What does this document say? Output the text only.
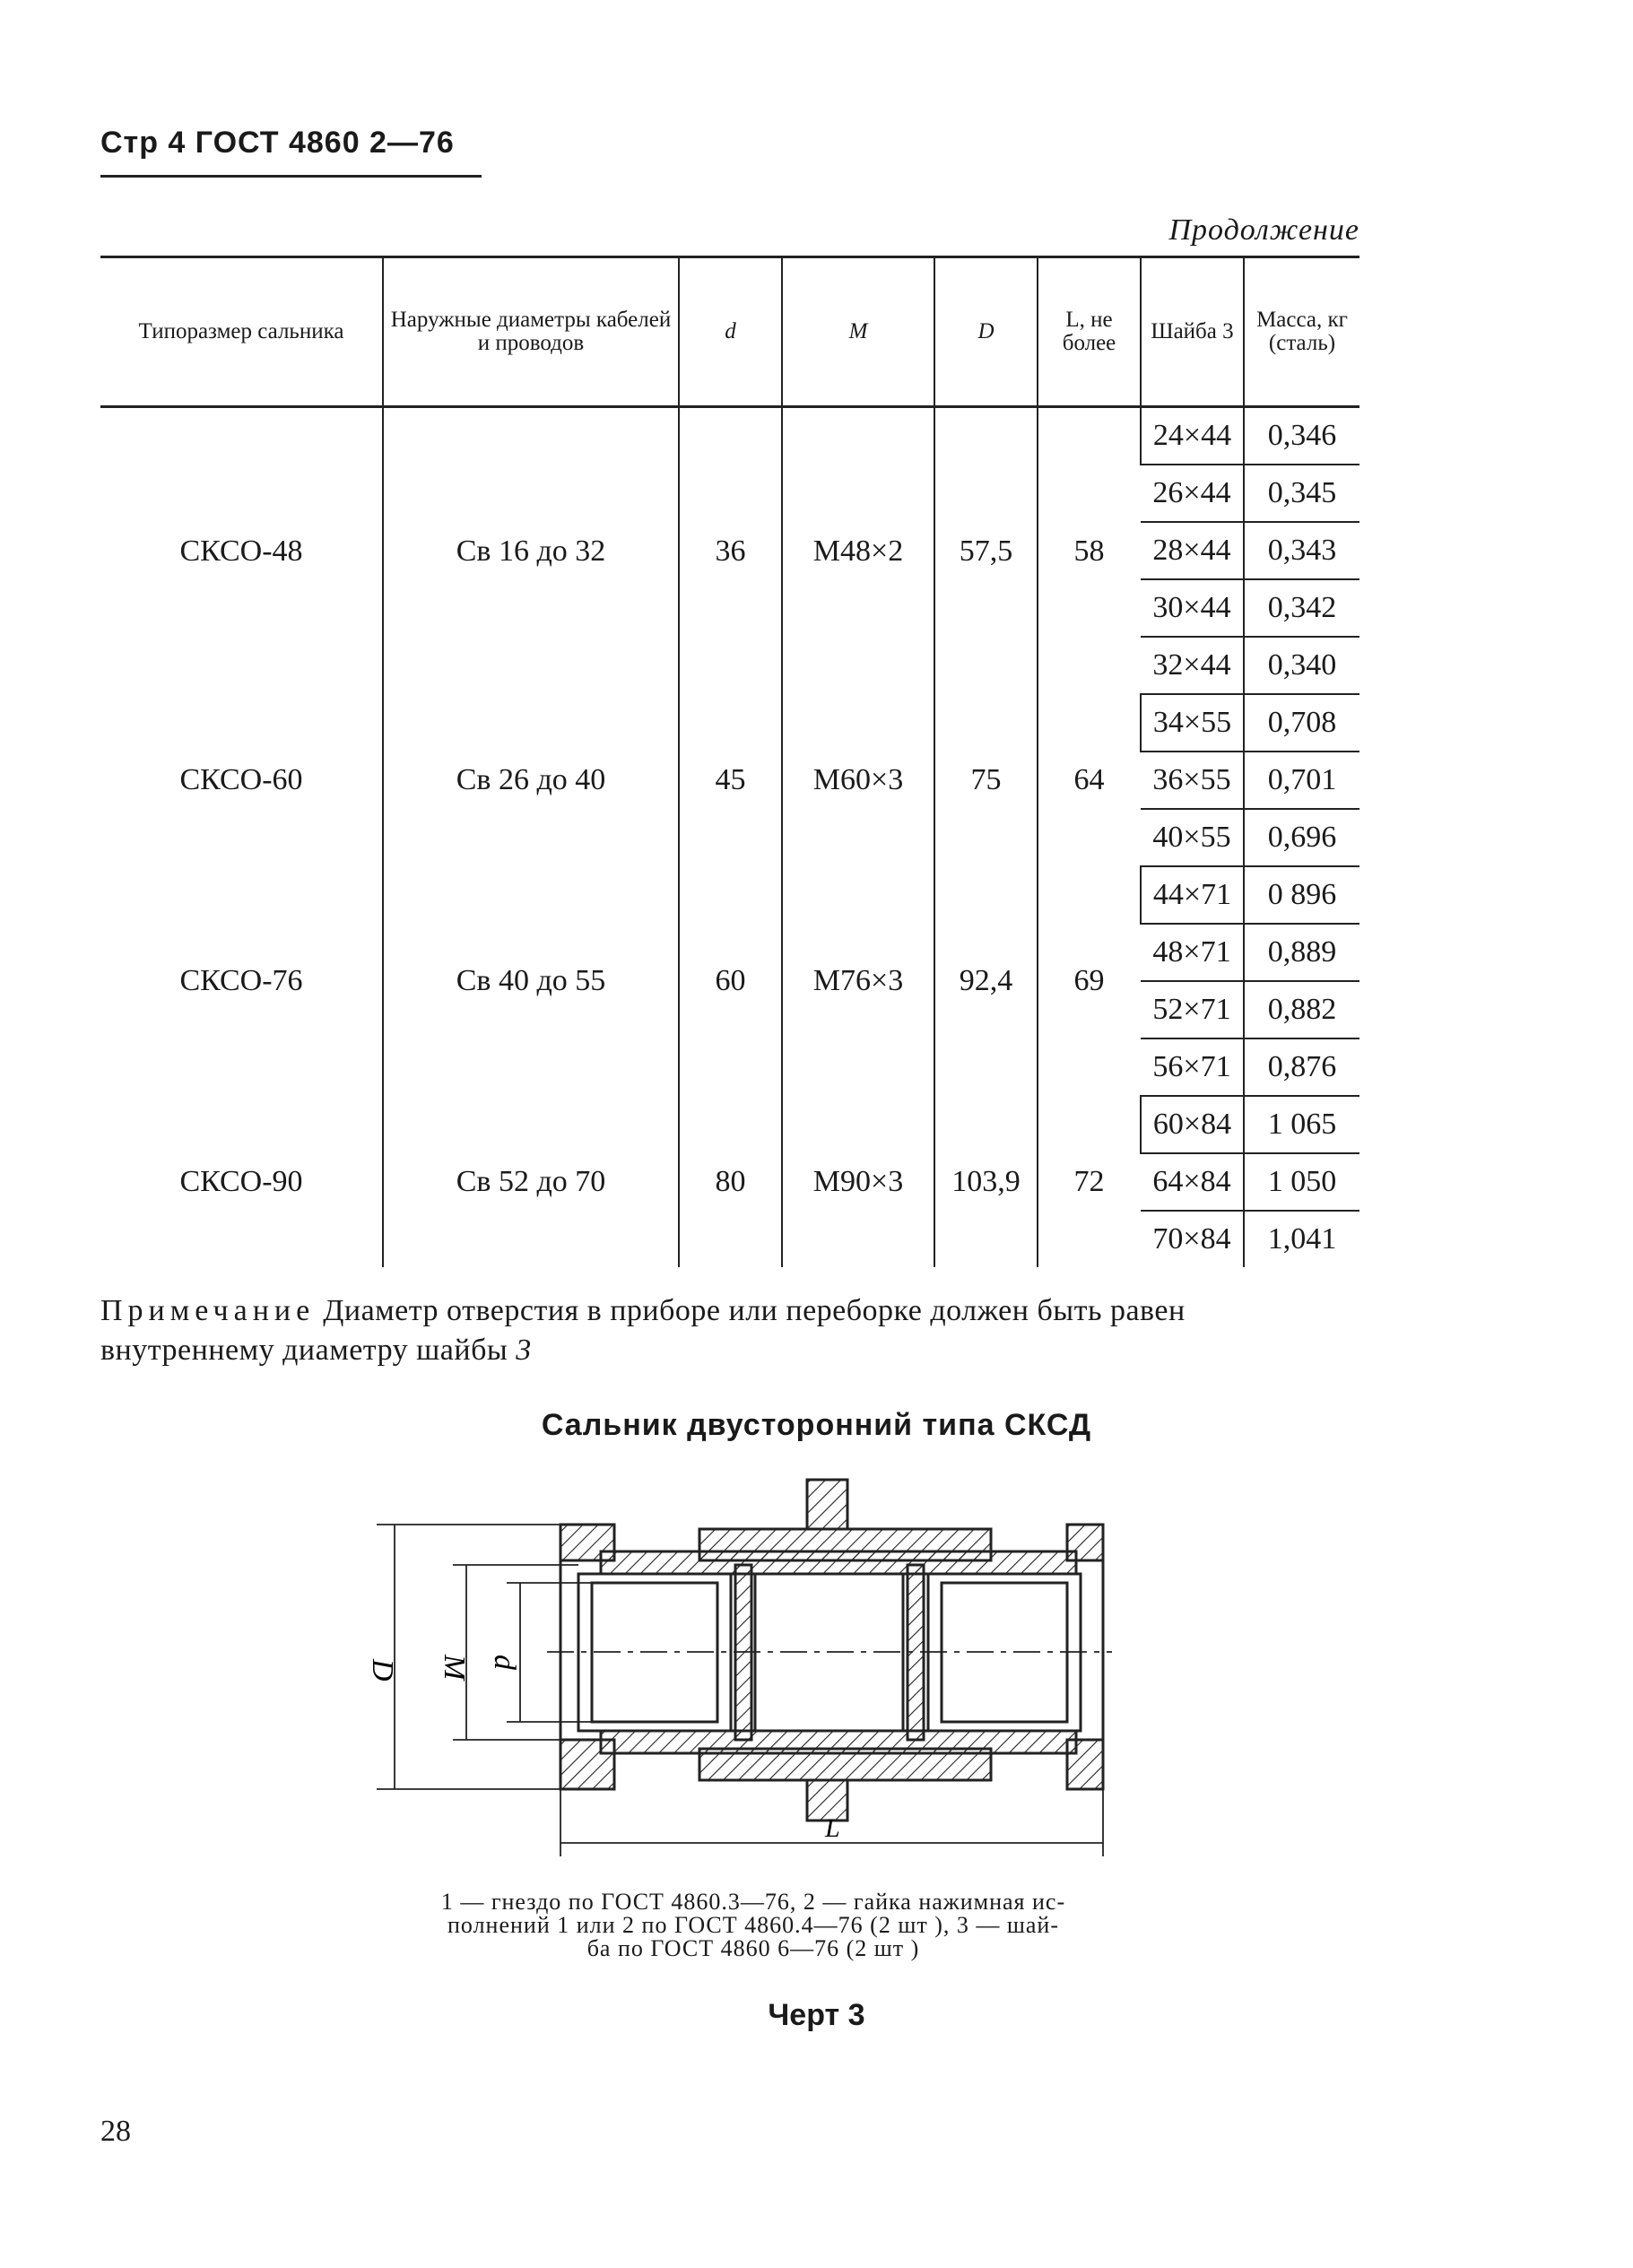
Стр 4 ГОСТ 4860 2—76
Продолжение
Типоразмер сальника	Наружные диаметры кабелей и проводов	d	M	D	L, не более	Шайба 3	Масса, кг (сталь)
СКСО-48	Св 16 до 32	36	М48×2	57,5	58	24×44	0,346
						26×44	0,345
						28×44	0,343
						30×44	0,342
						32×44	0,340
СКСО-60	Св 26 до 40	45	М60×3	75	64	34×55	0,708
						36×55	0,701
						40×55	0,696
СКСО-76	Св 40 до 55	60	М76×3	92,4	69	44×71	0 896
						48×71	0,889
						52×71	0,882
						56×71	0,876
СКСО-90	Св 52 до 70	80	М90×3	103,9	72	60×84	1 065
						64×84	1 050
						70×84	1,041
Примечание Диаметр отверстия в приборе или переборке должен быть равен внутреннему диаметру шайбы 3
Сальник двусторонний типа СКСД
D M d
L
1 — гнездо по ГОСТ 4860.3—76, 2 — гайка нажимная ис-
полнений 1 или 2 по ГОСТ 4860.4—76 (2 шт ), 3 — шай-
ба по ГОСТ 4860 6—76 (2 шт )
Черт 3
28
